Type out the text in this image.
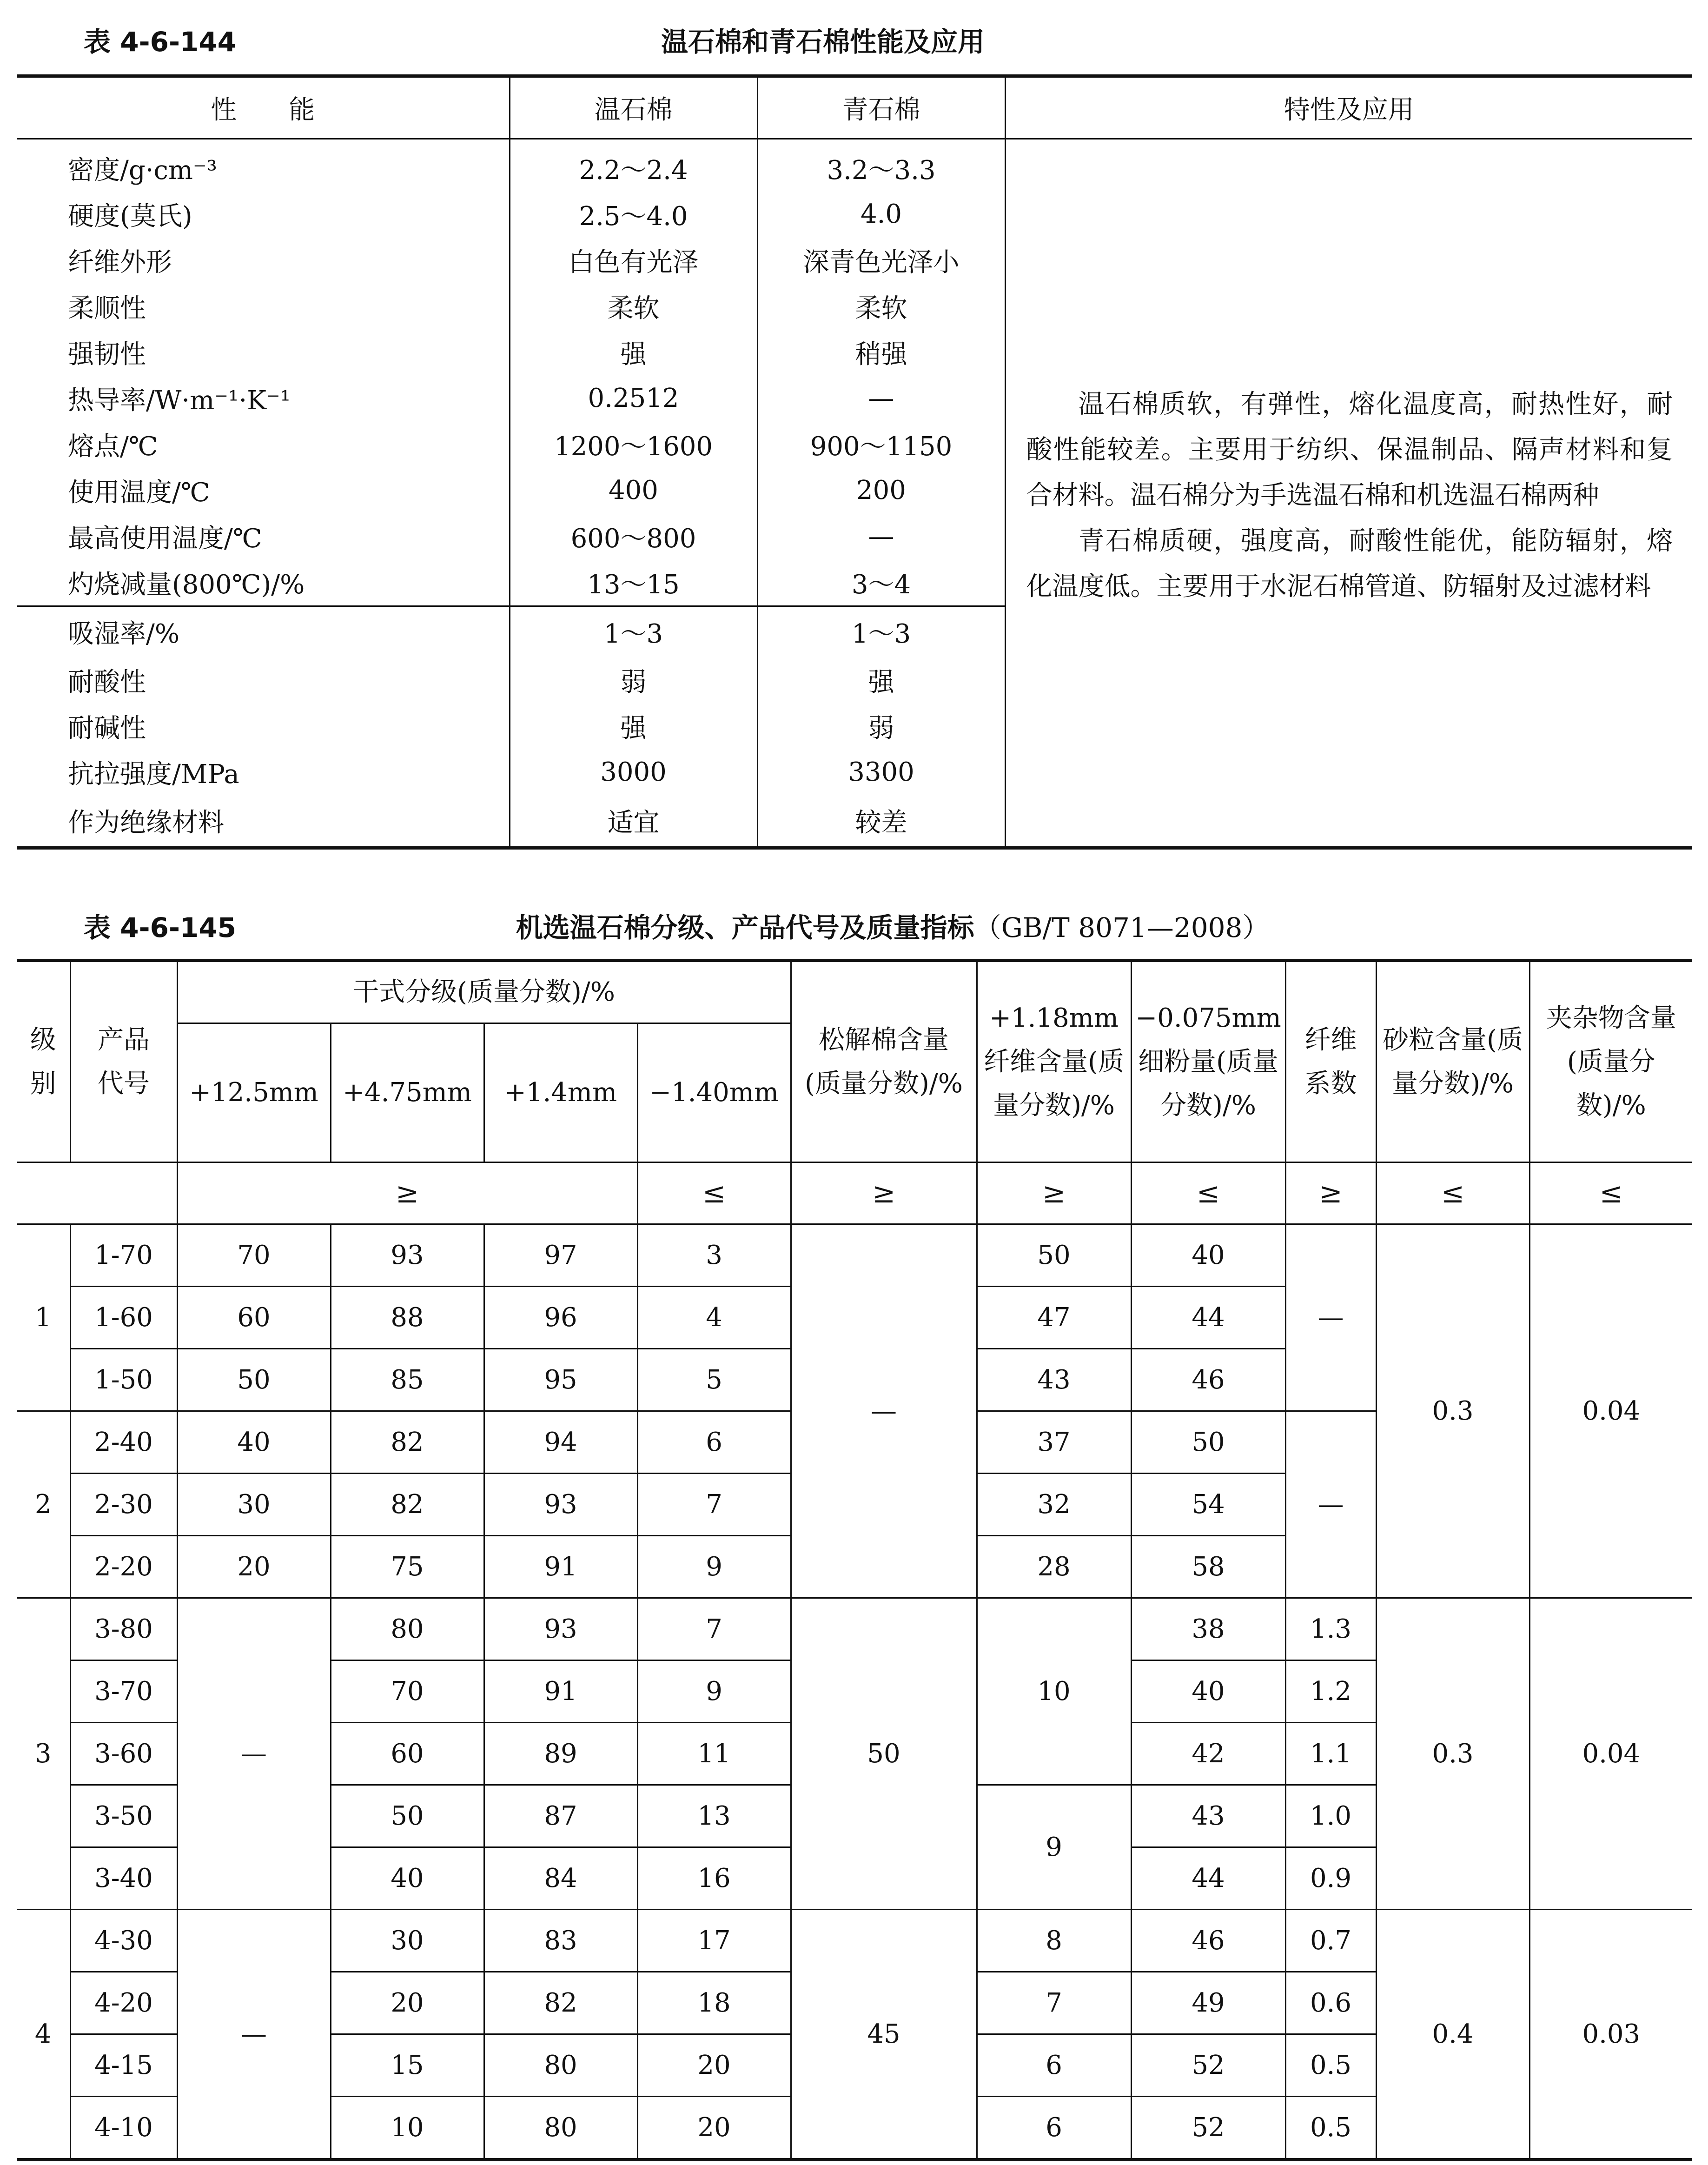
表 4-6-144	温石棉和青石棉性能及应用
性　　能	温石棉	青石棉	特性及应用
密度/g·cm⁻³	2.2～2.4	3.2～3.3	温石棉质软，有弹性，熔化温度高，耐热性好，耐酸性能较差。主要用于纺织、保温制品、隔声材料和复合材料。温石棉分为手选温石棉和机选温石棉两种

青石棉质硬，强度高，耐酸性能优，能防辐射，熔化温度低。主要用于水泥石棉管道、防辐射及过滤材料

硬度(莫氏)	2.5～4.0	4.0	
纤维外形	白色有光泽	深青色光泽小	
柔顺性	柔软	柔软	
强韧性	强	稍强	
热导率/W·m⁻¹·K⁻¹	0.2512	—	
熔点/℃	1200～1600	900～1150	
使用温度/℃	400	200	
最高使用温度/℃	600～800	—	
灼烧减量(800℃)/%	13～15	3～4	
吸湿率/%	1～3	1～3	
耐酸性	弱	强	
耐碱性	强	弱	
抗拉强度/MPa	3000	3300	
作为绝缘材料	适宜	较差	
表 4-6-145	机选温石棉分级、产品代号及质量指标（GB/T 8071—2008）
级别	产品代号	干式分级(质量分数)/%				松解棉含量(质量分数)/%	+1.18mm纤维含量(质量分数)/%	−0.075mm细粉量(质量分数)/%	纤维系数	砂粒含量(质量分数)/%	夹杂物含量(质量分数)/%

		+12.5mm	+4.75mm	+1.4mm	−1.40mm						
		≥			≤	≥	≥	≤	≥	≤	≤
1	1-70	70	93	97	3	—	50	40	—	0.3	0.04
	1-60	60	88	96	4		47	44			
	1-50	50	85	95	5		43	46			
2	2-40	40	82	94	6		37	50	—		
	2-30	30	82	93	7		32	54			
	2-20	20	75	91	9		28	58			
3	3-80	—	80	93	7	50	10	38	1.3	0.3	0.04
	3-70		70	91	9			40	1.2		
	3-60		60	89	11			42	1.1		
	3-50		50	87	13		9	43	1.0		
	3-40		40	84	16			44	0.9		
4	4-30	—	30	83	17	45	8	46	0.7	0.4	0.03
	4-20		20	82	18		7	49	0.6		
	4-15		15	80	20		6	52	0.5		
	4-10		10	80	20		6	52	0.5		
